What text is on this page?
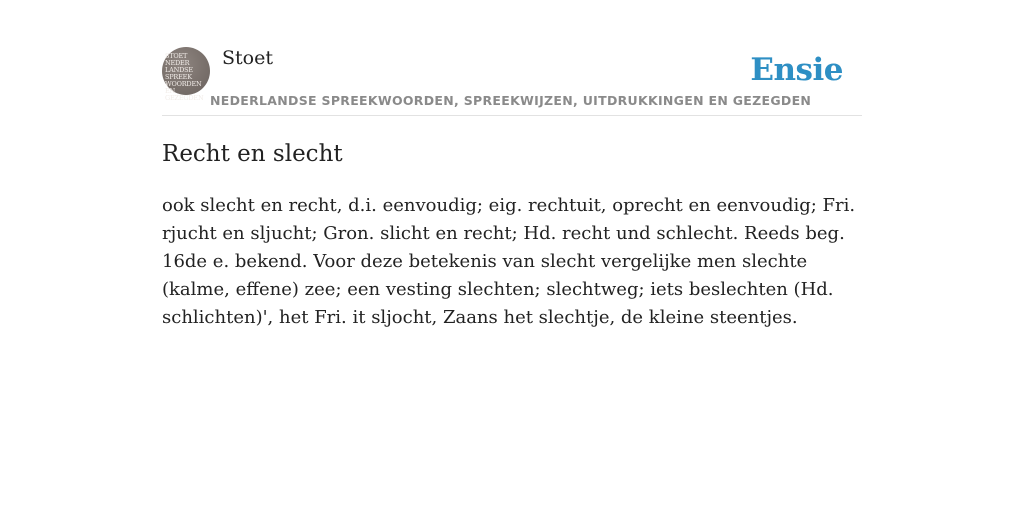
STOET
NEDER
LANDSE
SPREEK
WOORDEN EN
GEZEGDEN
Stoet
NEDERLANDSE SPREEKWOORDEN, SPREEKWIJZEN, UITDRUKKINGEN EN GEZEGDEN
Ensie
Recht en slecht

ook slecht en recht, d.i. eenvoudig; eig. rechtuit, oprecht en eenvoudig; Fri. rjucht en sljucht; Gron. slicht en recht; Hd. recht und schlecht. Reeds beg. 16de e. bekend. Voor deze betekenis van slecht vergelijke men slechte (kalme, effene) zee; een vesting slechten; slechtweg; iets beslechten (Hd. schlichten)', het Fri. it sljocht, Zaans het slechtje, de kleine steentjes.
